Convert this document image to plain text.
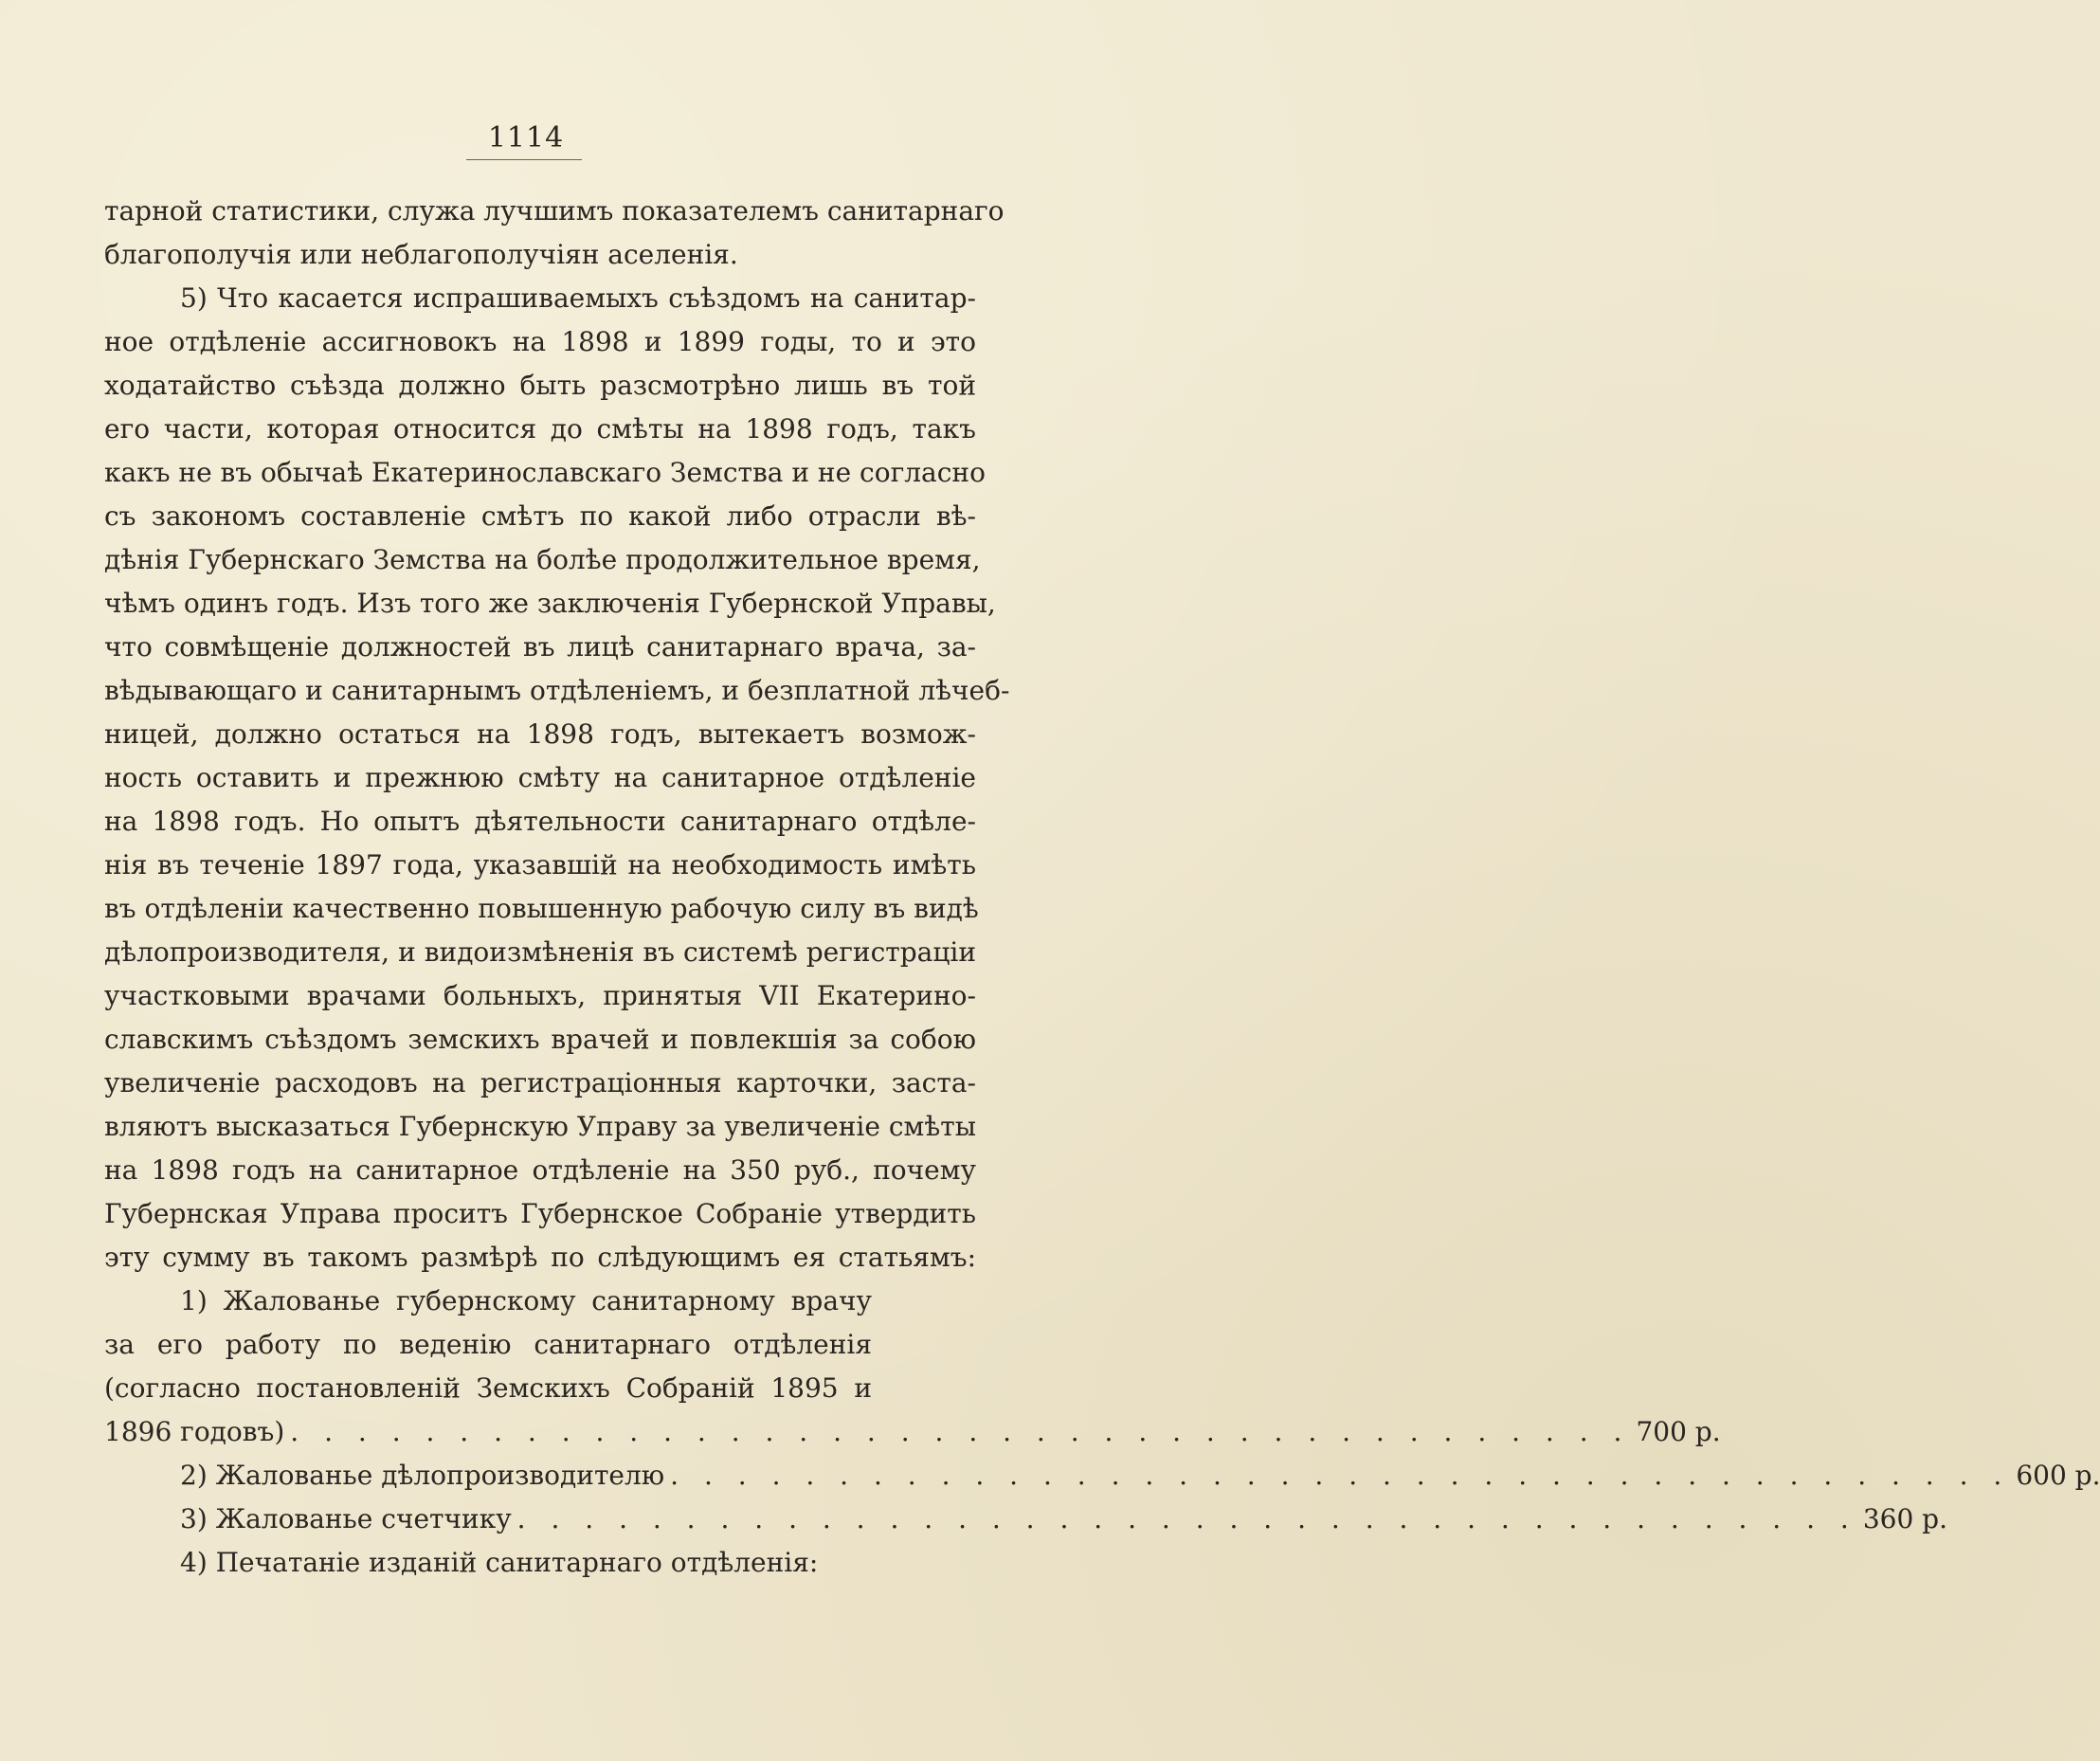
1114
тарной статистики, служа лучшимъ показателемъ санитарнаго
благополучія или неблагополучіян аселенія.
5) Что касается испрашиваемыхъ съѣздомъ на санитар-
ное отдѣленіе ассигновокъ на 1898 и 1899 годы, то и это
ходатайство съѣзда должно быть разсмотрѣно лишь въ той
его части, которая относится до смѣты на 1898 годъ, такъ
какъ не въ обычаѣ Екатеринославскаго Земства и не согласно
съ закономъ составленіе смѣтъ по какой либо отрасли вѣ-
дѣнія Губернскаго Земства на болѣе продолжительное время,
чѣмъ одинъ годъ. Изъ того же заключенія Губернской Управы,
что совмѣщеніе должностей въ лицѣ санитарнаго врача, за-
вѣдывающаго и санитарнымъ отдѣленіемъ, и безплатной лѣчеб-
ницей, должно остаться на 1898 годъ, вытекаетъ возмож-
ность оставить и прежнюю смѣту на санитарное отдѣленіе
на 1898 годъ. Но опытъ дѣятельности санитарнаго отдѣле-
нія въ теченіе 1897 года, указавшій на необходимость имѣть
въ отдѣленіи качественно повышенную рабочую силу въ видѣ
дѣлопроизводителя, и видоизмѣненія въ системѣ регистраціи
участковыми врачами больныхъ, принятыя VII Екатерино-
славскимъ съѣздомъ земскихъ врачей и повлекшія за собою
увеличеніе расходовъ на регистраціонныя карточки, заста-
вляютъ высказаться Губернскую Управу за увеличеніе смѣты
на 1898 годъ на санитарное отдѣленіе на 350 руб., почему
Губернская Управа проситъ Губернское Собраніе утвердить
эту сумму въ такомъ размѣрѣ по слѣдующимъ ея статьямъ:
1) Жалованье губернскому санитарному врачу
за его работу по веденію санитарнаго отдѣленія
(согласно постановленій Земскихъ Собраній 1895 и
1896 годовъ) . . . . . . . . . . . . . . . . . . . . . . . . . . . . . . . . . . . . . . . . 700 р.
2) Жалованье дѣлопроизводителю . . . . . . . . . . . . . . . . . . . . . . . . . . . . . . . . . . . . . . . . 600 р.
3) Жалованье счетчику . . . . . . . . . . . . . . . . . . . . . . . . . . . . . . . . . . . . . . . . 360 р.
4) Печатаніе изданій санитарнаго отдѣленія:
